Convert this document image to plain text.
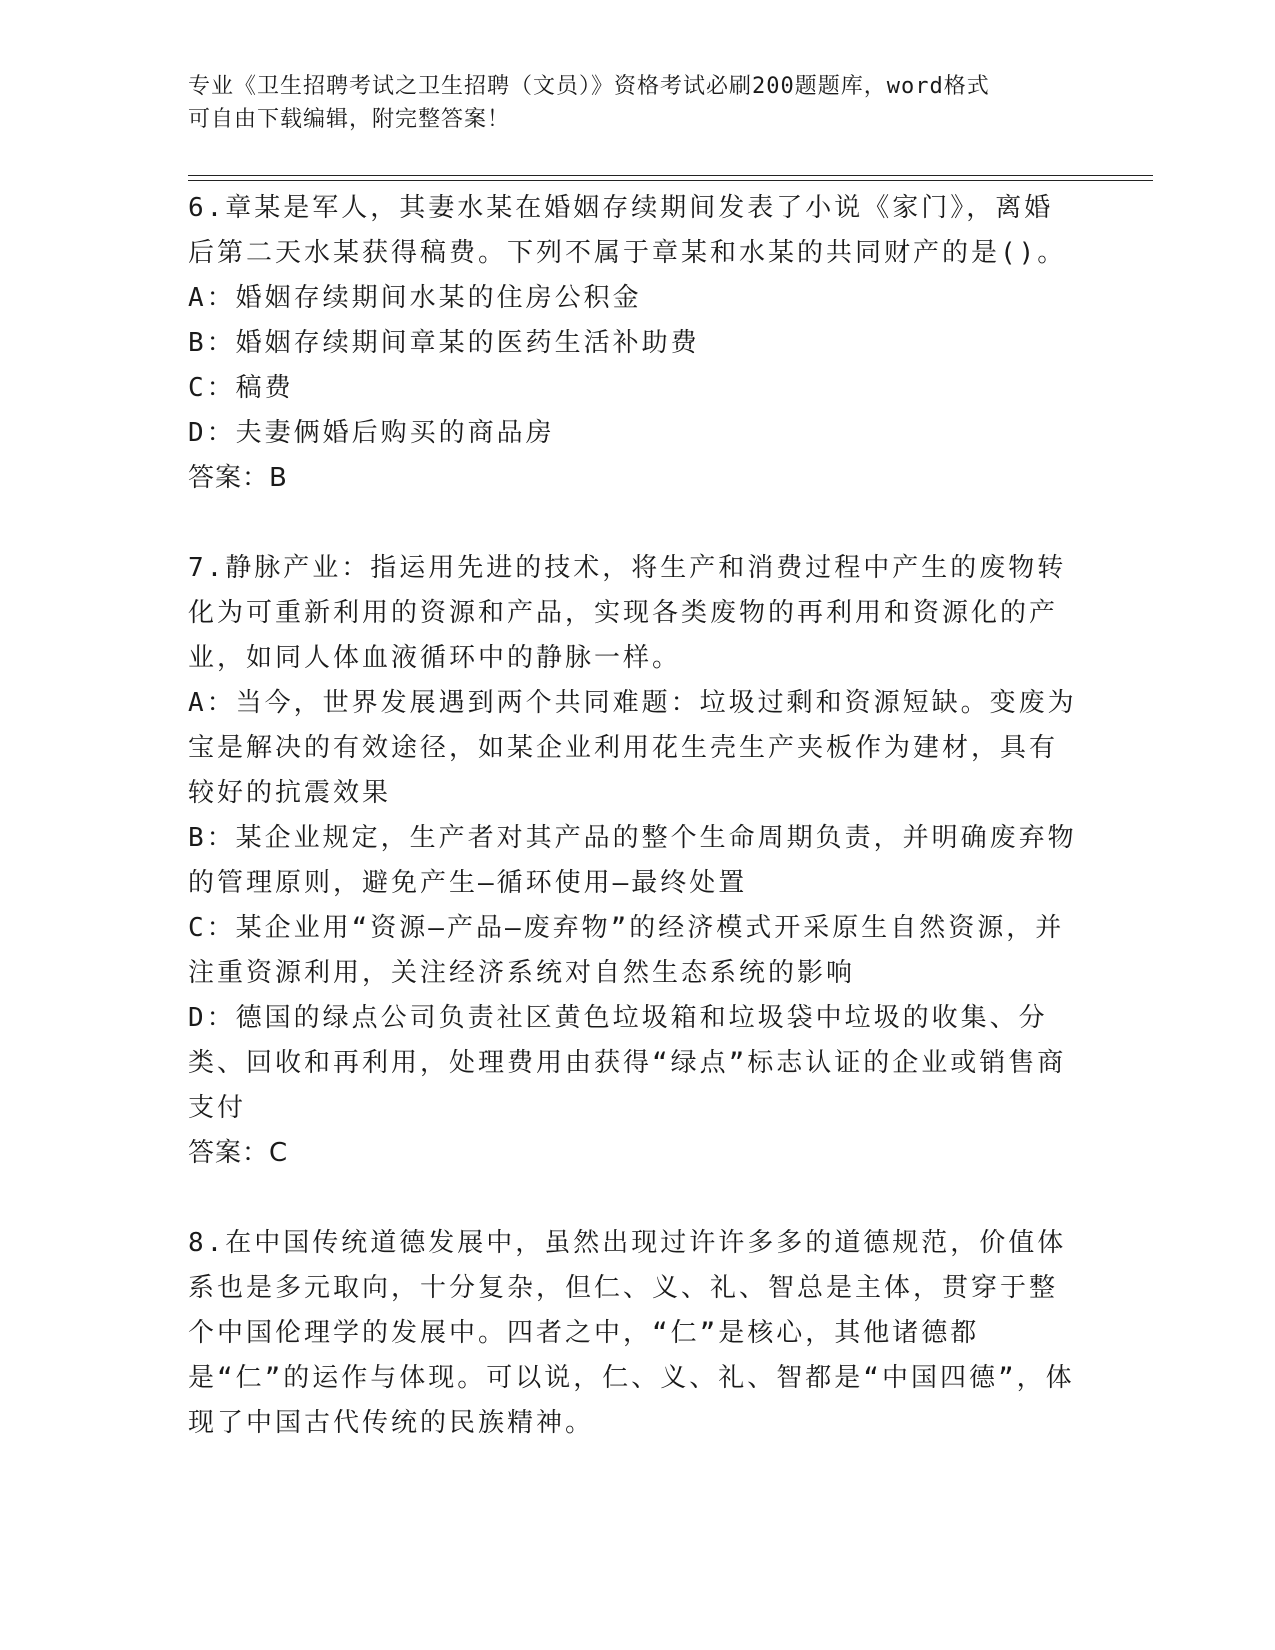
专业《卫生招聘考试之卫生招聘（文员）》资格考试必刷200题题库，word格式

可自由下载编辑，附完整答案！

6.章某是军人，其妻水某在婚姻存续期间发表了小说《家门》，离婚后第二天水某获得稿费。下列不属于章某和水某的共同财产的是()。

A：婚姻存续期间水某的住房公积金

B：婚姻存续期间章某的医药生活补助费

C：稿费

D：夫妻俩婚后购买的商品房

答案：B

7.静脉产业：指运用先进的技术，将生产和消费过程中产生的废物转化为可重新利用的资源和产品，实现各类废物的再利用和资源化的产业，如同人体血液循环中的静脉一样。

A：当今，世界发展遇到两个共同难题：垃圾过剩和资源短缺。变废为宝是解决的有效途径，如某企业利用花生壳生产夹板作为建材，具有较好的抗震效果

B：某企业规定，生产者对其产品的整个生命周期负责，并明确废弃物的管理原则，避免产生—循环使用—最终处置

C：某企业用“资源—产品—废弃物”的经济模式开采原生自然资源，并注重资源利用，关注经济系统对自然生态系统的影响

D：德国的绿点公司负责社区黄色垃圾箱和垃圾袋中垃圾的收集、分类、回收和再利用，处理费用由获得“绿点”标志认证的企业或销售商支付

答案：C

8.在中国传统道德发展中，虽然出现过许许多多的道德规范，价值体系也是多元取向，十分复杂，但仁、义、礼、智总是主体，贯穿于整个中国伦理学的发展中。四者之中，“仁”是核心，其他诸德都是“仁”的运作与体现。可以说，仁、义、礼、智都是“中国四德”，体现了中国古代传统的民族精神。
